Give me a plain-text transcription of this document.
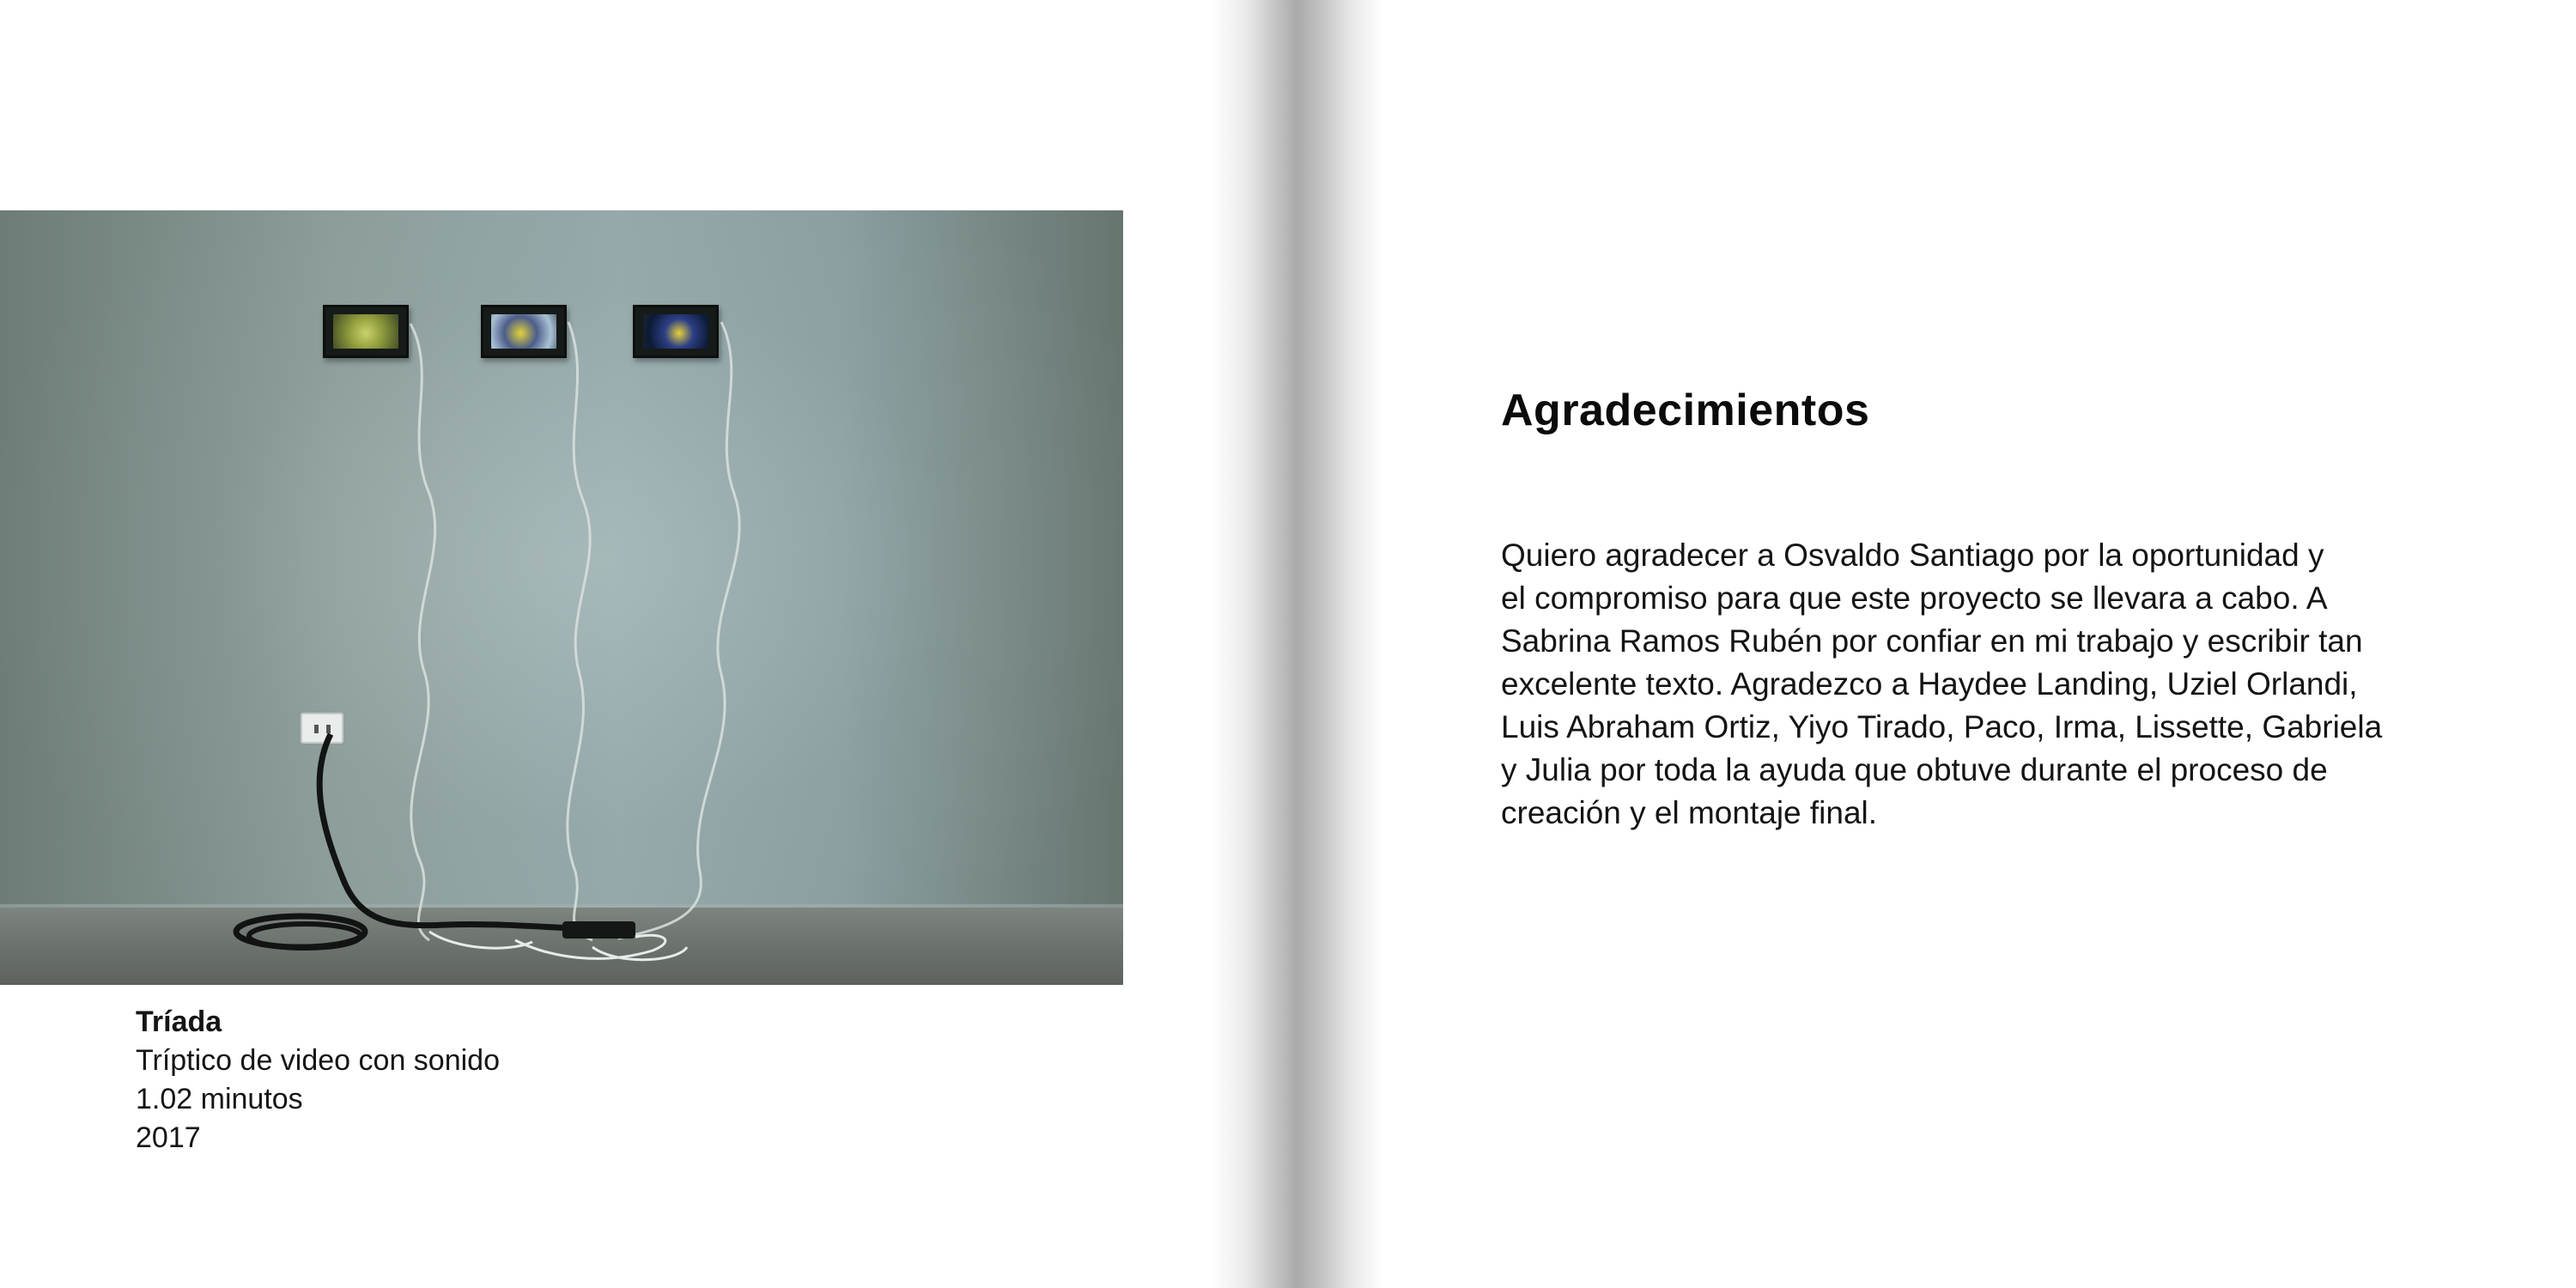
Tríada
Tríptico de video con sonido
1.02 minutos
2017
Agradecimientos
Quiero agradecer a Osvaldo Santiago por la oportunidad y
el compromiso para que este proyecto se llevara a cabo. A
Sabrina Ramos Rubén por confiar en mi trabajo y escribir tan
excelente texto. Agradezco a Haydee Landing, Uziel Orlandi,
Luis Abraham Ortiz, Yiyo Tirado, Paco, Irma, Lissette, Gabriela
y Julia por toda la ayuda que obtuve durante el proceso de
creación y el montaje final.
